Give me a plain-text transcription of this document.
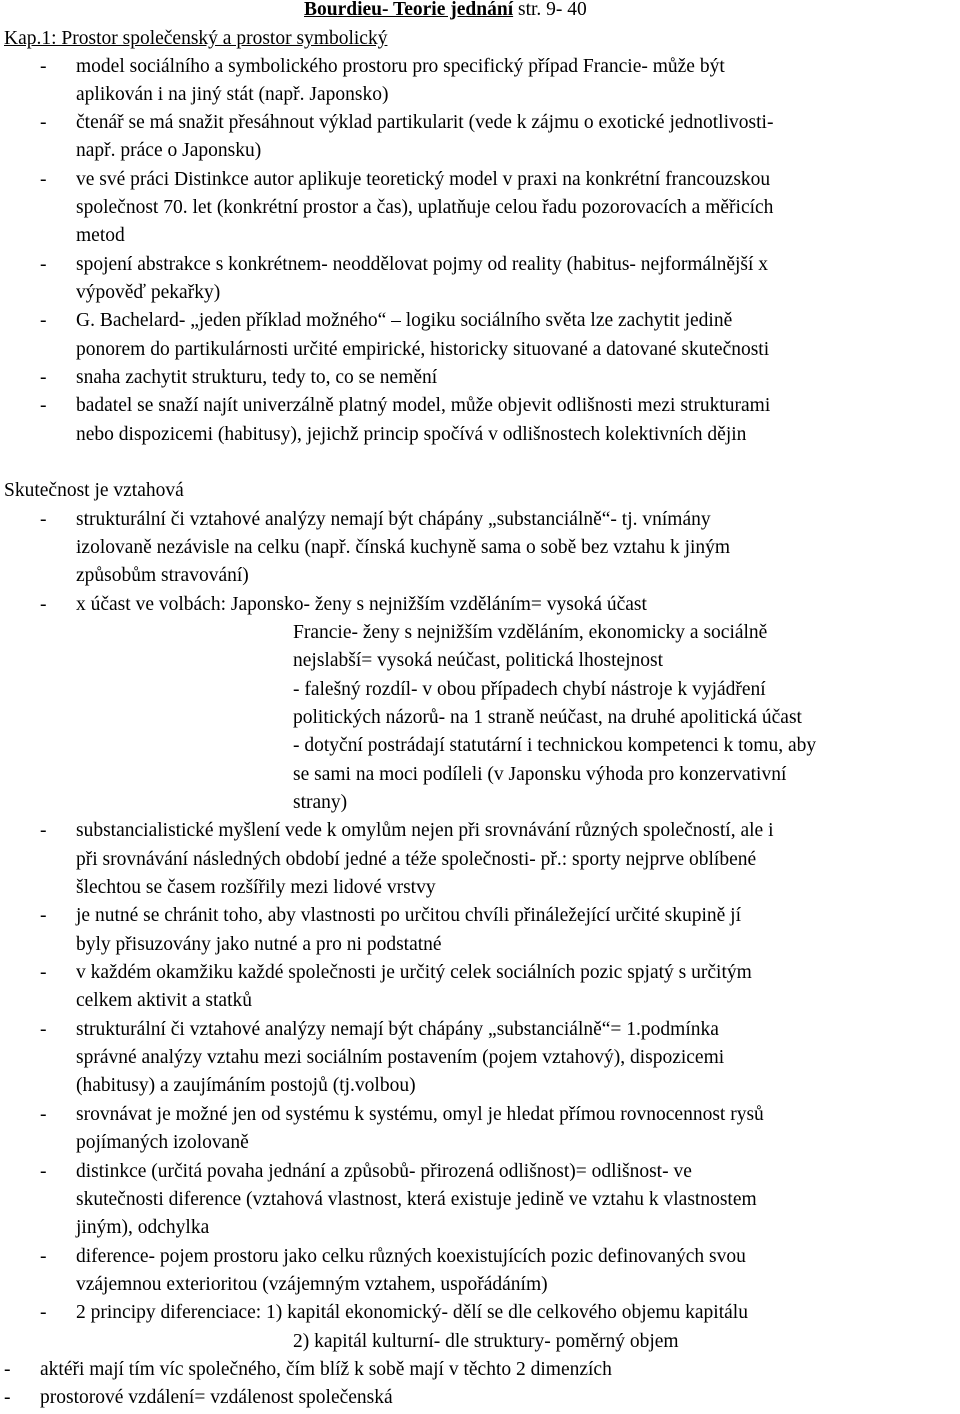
Bourdieu- Teorie jednání str. 9- 40
Kap.1: Prostor společenský a prostor symbolický
- model sociálního a symbolického prostoru pro specifický případ Francie- může být
aplikován i na jiný stát (např. Japonsko)
- čtenář se má snažit přesáhnout výklad partikularit (vede k zájmu o exotické jednotlivosti-
např. práce o Japonsku)
- ve své práci Distinkce autor aplikuje teoretický model v praxi na konkrétní francouzskou
společnost 70. let (konkrétní prostor a čas), uplatňuje celou řadu pozorovacích a měřicích
metod
- spojení abstrakce s konkrétnem- neoddělovat pojmy od reality (habitus- nejformálnější x
výpověď pekařky)
- G. Bachelard- „jeden příklad možného“ – logiku sociálního světa lze zachytit jedině
ponorem do partikulárnosti určité empirické, historicky situované a datované skutečnosti
- snaha zachytit strukturu, tedy to, co se nemění
- badatel se snaží najít univerzálně platný model, může objevit odlišnosti mezi strukturami
nebo dispozicemi (habitusy), jejichž princip spočívá v odlišnostech kolektivních dějin
Skutečnost je vztahová
- strukturální či vztahové analýzy nemají být chápány „substanciálně“- tj. vnímány
izolovaně nezávisle na celku (např. čínská kuchyně sama o sobě bez vztahu k jiným
způsobům stravování)
- x účast ve volbách: Japonsko- ženy s nejnižším vzděláním= vysoká účast
Francie- ženy s nejnižším vzděláním, ekonomicky a sociálně
nejslabší= vysoká neúčast, politická lhostejnost
- falešný rozdíl- v obou případech chybí nástroje k vyjádření
politických názorů- na 1 straně neúčast, na druhé apolitická účast
- dotyční postrádají statutární i technickou kompetenci k tomu, aby
se sami na moci podíleli (v Japonsku výhoda pro konzervativní
strany)
- substancialistické myšlení vede k omylům nejen při srovnávání různých společností, ale i
při srovnávání následných období jedné a téže společnosti- př.: sporty nejprve oblíbené
šlechtou se časem rozšířily mezi lidové vrstvy
- je nutné se chránit toho, aby vlastnosti po určitou chvíli přináležející určité skupině jí
byly přisuzovány jako nutné a pro ni podstatné
- v každém okamžiku každé společnosti je určitý celek sociálních pozic spjatý s určitým
celkem aktivit a statků
- strukturální či vztahové analýzy nemají být chápány „substanciálně“= 1.podmínka
správné analýzy vztahu mezi sociálním postavením (pojem vztahový), dispozicemi
(habitusy) a zaujímáním postojů (tj.volbou)
- srovnávat je možné jen od systému k systému, omyl je hledat přímou rovnocennost rysů
pojímaných izolovaně
- distinkce (určitá povaha jednání a způsobů- přirozená odlišnost)= odlišnost- ve
skutečnosti diference (vztahová vlastnost, která existuje jedině ve vztahu k vlastnostem
jiným), odchylka
- diference- pojem prostoru jako celku různých koexistujících pozic definovaných svou
vzájemnou exterioritou (vzájemným vztahem, uspořádáním)
- 2 principy diferenciace: 1) kapitál ekonomický- dělí se dle celkového objemu kapitálu
2) kapitál kulturní- dle struktury- poměrný objem
- aktéři mají tím víc společného, čím blíž k sobě mají v těchto 2 dimenzích
- prostorové vzdálení= vzdálenost společenská
